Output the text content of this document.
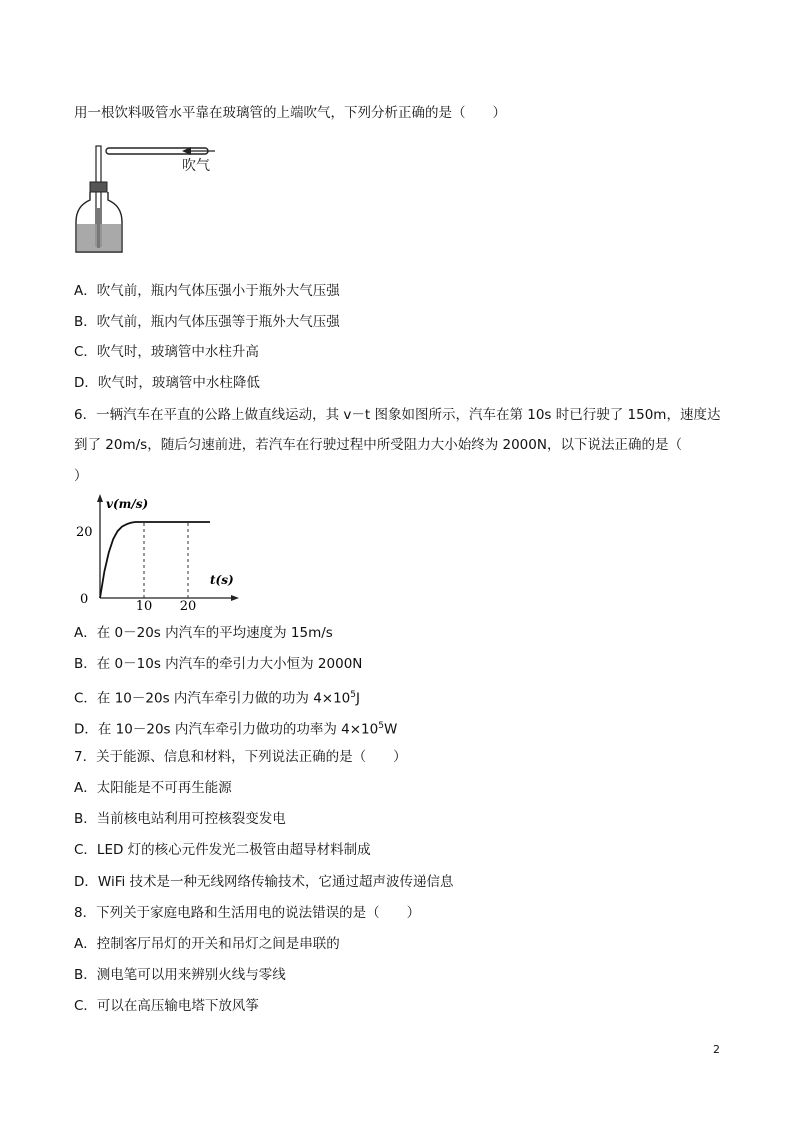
用一根饮料吸管水平靠在玻璃管的上端吹气，下列分析正确的是（　　）
吹气
A．吹气前，瓶内气体压强小于瓶外大气压强
B．吹气前，瓶内气体压强等于瓶外大气压强
C．吹气时，玻璃管中水柱升高
D．吹气时，玻璃管中水柱降低
6．一辆汽车在平直的公路上做直线运动，其 v－t 图象如图所示，汽车在第 10s 时已行驶了 150m，速度达
到了 20m/s，随后匀速前进，若汽车在行驶过程中所受阻力大小始终为 2000N，以下说法正确的是（
）
v(m/s)
t(s)
0
20
10 20
A．在 0－20s 内汽车的平均速度为 15m/s
B．在 0－10s 内汽车的牵引力大小恒为 2000N
C．在 10－20s 内汽车牵引力做的功为 $4\times 10^5J$
D．在 10－20s 内汽车牵引力做功的功率为 $4\times 10^5W$
7．关于能源、信息和材料，下列说法正确的是（　　）
A．太阳能是不可再生能源
B．当前核电站利用可控核裂变发电
C．LED 灯的核心元件发光二极管由超导材料制成
D．WiFi 技术是一种无线网络传输技术，它通过超声波传递信息
8．下列关于家庭电路和生活用电的说法错误的是（　　）
A．控制客厅吊灯的开关和吊灯之间是串联的
B．测电笔可以用来辨别火线与零线
C．可以在高压输电塔下放风筝
2
